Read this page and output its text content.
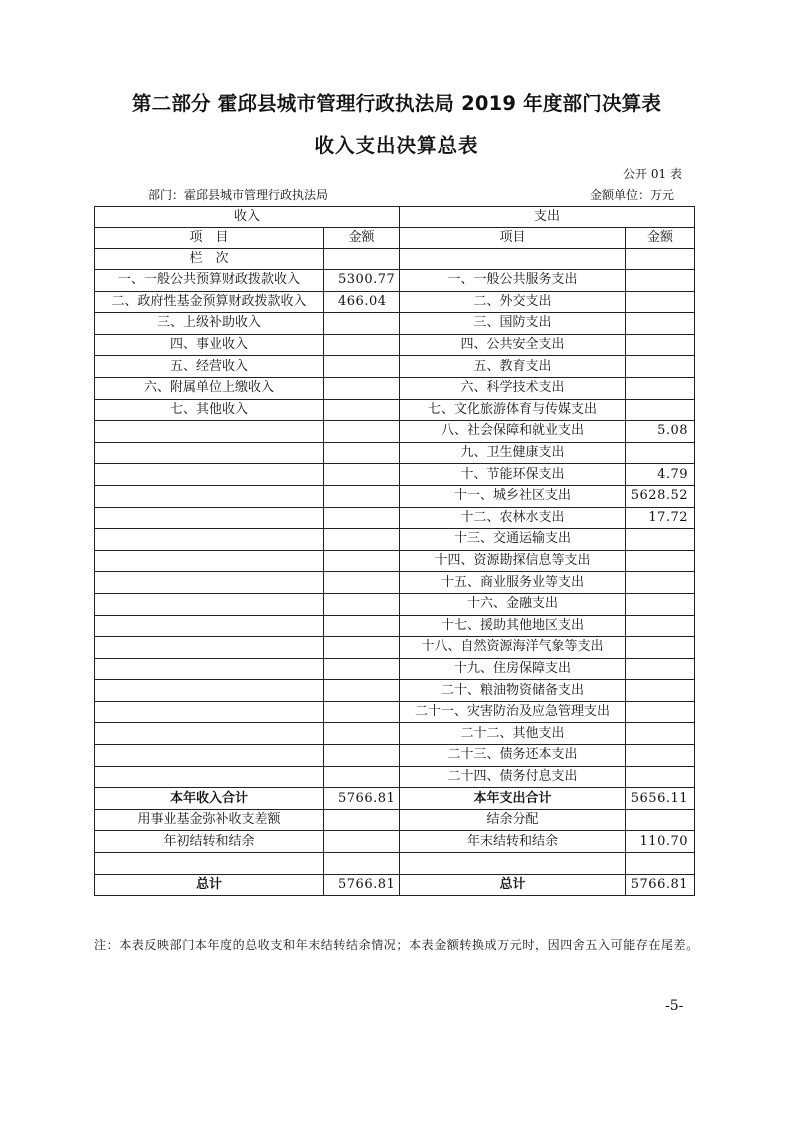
第二部分 霍邱县城市管理行政执法局 2019 年度部门决算表
收入支出决算总表
公开 01 表
部门：霍邱县城市管理行政执法局	金额单位：万元
收入		支出	
项　目	金额	项目	金额
栏　次			
一、一般公共预算财政拨款收入	5300.77	一、一般公共服务支出	
二、政府性基金预算财政拨款收入	466.04	二、外交支出	
三、上级补助收入		三、国防支出	
四、事业收入		四、公共安全支出	
五、经营收入		五、教育支出	
六、附属单位上缴收入		六、科学技术支出	
七、其他收入		七、文化旅游体育与传媒支出	
		八、社会保障和就业支出	5.08
		九、卫生健康支出	
		十、节能环保支出	4.79
		十一、城乡社区支出	5628.52
		十二、农林水支出	17.72
		十三、交通运输支出	
		十四、资源勘探信息等支出	
		十五、商业服务业等支出	
		十六、金融支出	
		十七、援助其他地区支出	
		十八、自然资源海洋气象等支出	
		十九、住房保障支出	
		二十、粮油物资储备支出	
		二十一、灾害防治及应急管理支出	
		二十二、其他支出	
		二十三、债务还本支出	
		二十四、债务付息支出	
本年收入合计	5766.81	本年支出合计	5656.11
用事业基金弥补收支差额		结余分配	
年初结转和结余		年末结转和结余	110.70

总计	5766.81	总计	5766.81
注：本表反映部门本年度的总收支和年末结转结余情况；本表金额转换成万元时，因四舍五入可能存在尾差。
-5-
